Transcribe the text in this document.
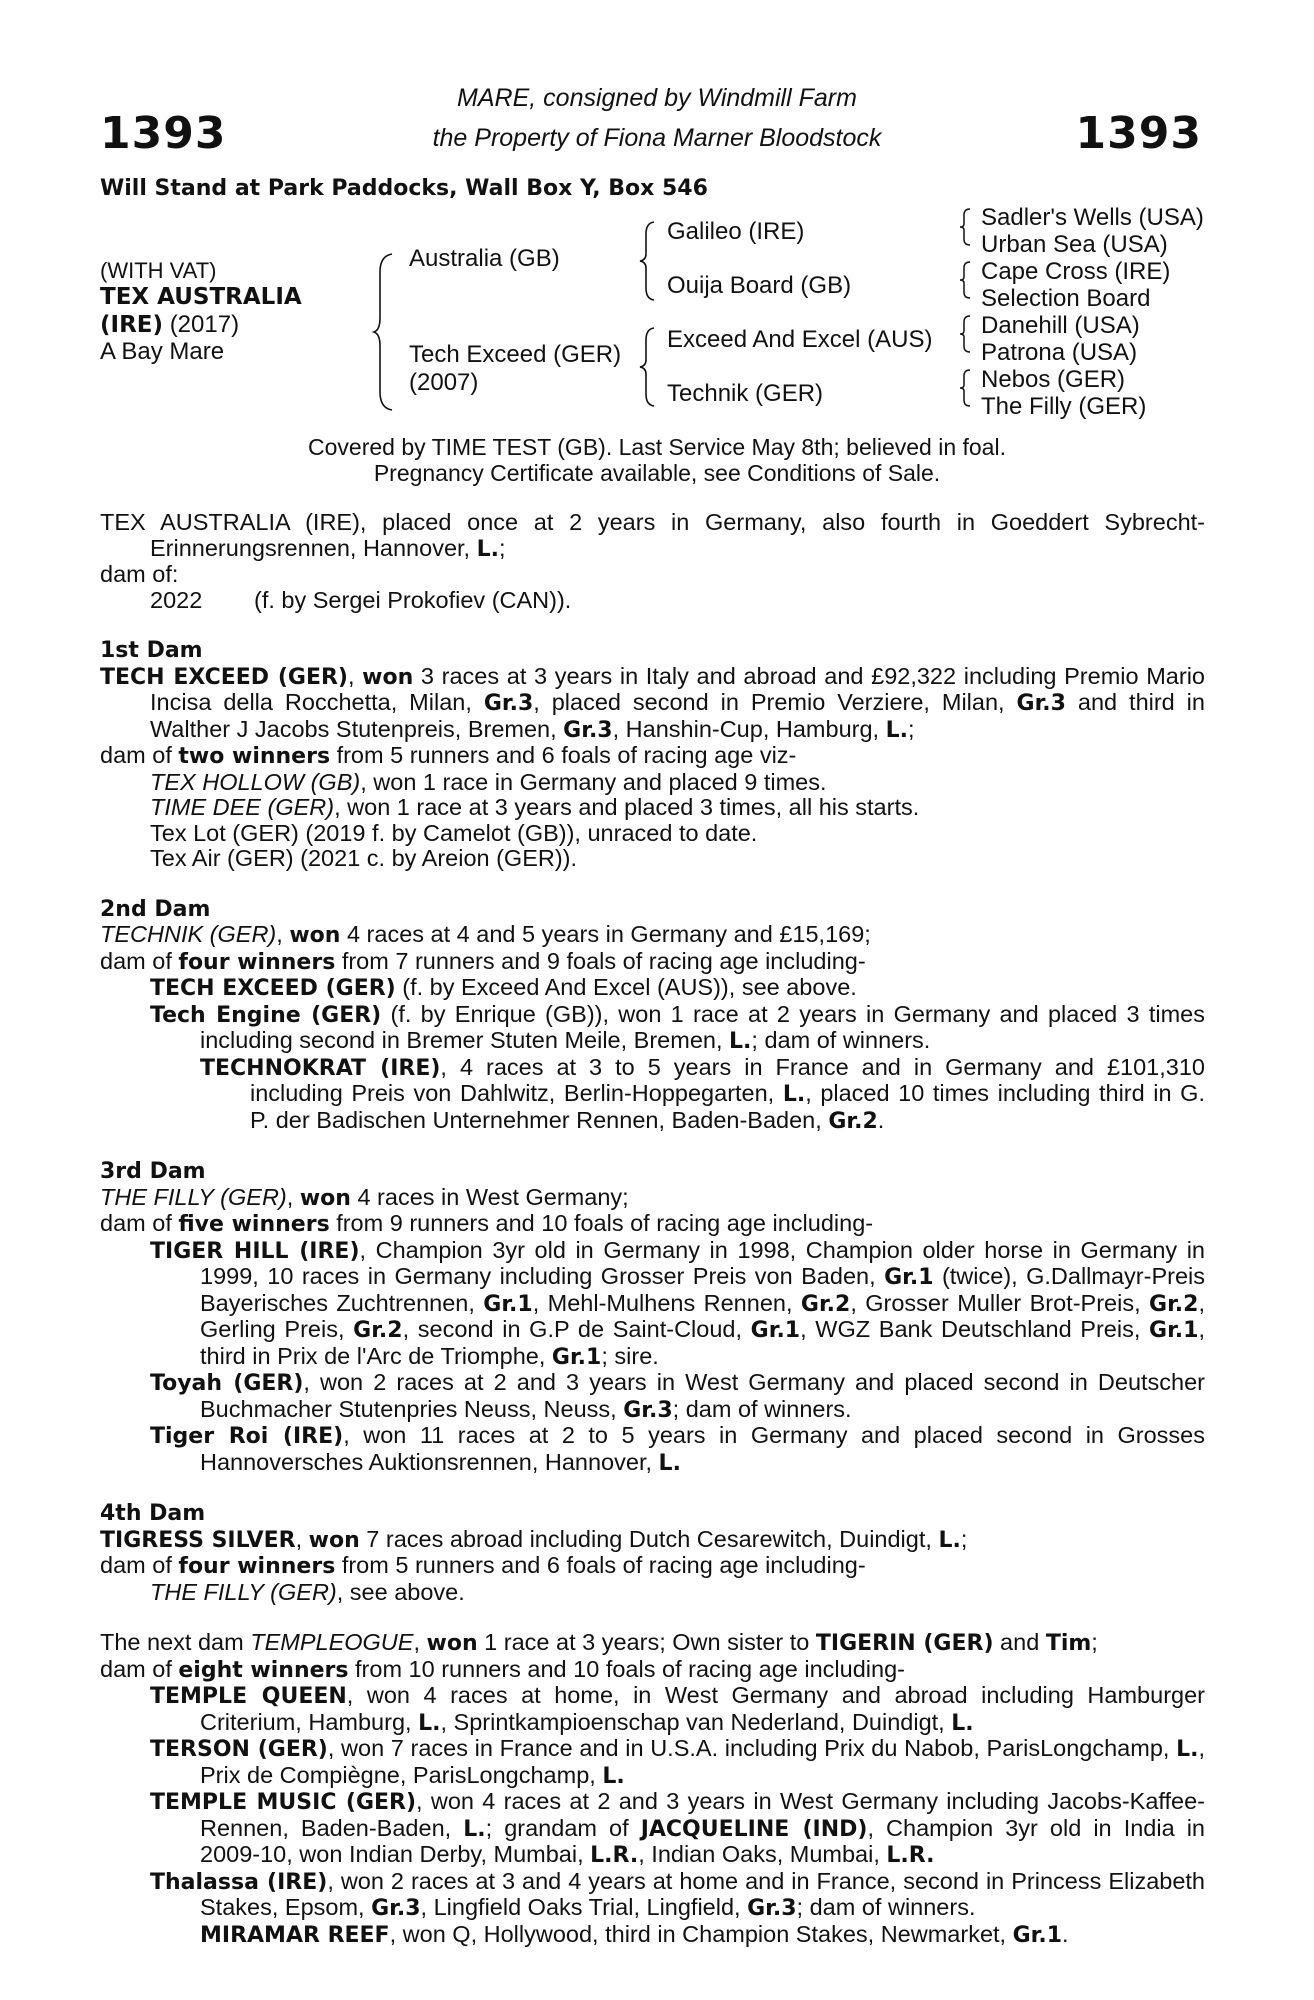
1393	1393
MARE, consigned by Windmill Farm
the Property of Fiona Marner Bloodstock
Will Stand at Park Paddocks, Wall Box Y, Box 546
(WITH VAT)
TEX AUSTRALIA
(IRE) (2017)
A Bay Mare
Australia (GB)
Tech Exceed (GER)
(2007)
Galileo (IRE)
Ouija Board (GB)
Exceed And Excel (AUS)
Technik (GER)
Sadler's Wells (USA)
Urban Sea (USA)
Cape Cross (IRE)
Selection Board
Danehill (USA)
Patrona (USA)
Nebos (GER)
The Filly (GER)
Covered by TIME TEST (GB). Last Service May 8th; believed in foal.
Pregnancy Certificate available, see Conditions of Sale.

TEX AUSTRALIA (IRE), placed once at 2 years in Germany, also fourth in Goeddert Sybrecht-Erinnerungsrennen, Hannover, L.;

dam of:

2022	(f. by Sergei Prokofiev (CAN)).

1st Dam

TECH EXCEED (GER), won 3 races at 3 years in Italy and abroad and £92,322 including Premio Mario Incisa della Rocchetta, Milan, Gr.3, placed second in Premio Verziere, Milan, Gr.3 and third in Walther J Jacobs Stutenpreis, Bremen, Gr.3, Hanshin-Cup, Hamburg, L.;

dam of two winners from 5 runners and 6 foals of racing age viz-

TEX HOLLOW (GB), won 1 race in Germany and placed 9 times.

TIME DEE (GER), won 1 race at 3 years and placed 3 times, all his starts.

Tex Lot (GER) (2019 f. by Camelot (GB)), unraced to date.

Tex Air (GER) (2021 c. by Areion (GER)).

2nd Dam

TECHNIK (GER), won 4 races at 4 and 5 years in Germany and £15,169;

dam of four winners from 7 runners and 9 foals of racing age including-

TECH EXCEED (GER) (f. by Exceed And Excel (AUS)), see above.

Tech Engine (GER) (f. by Enrique (GB)), won 1 race at 2 years in Germany and placed 3 times including second in Bremer Stuten Meile, Bremen, L.; dam of winners.

TECHNOKRAT (IRE), 4 races at 3 to 5 years in France and in Germany and £101,310 including Preis von Dahlwitz, Berlin-Hoppegarten, L., placed 10 times including third in G. P. der Badischen Unternehmer Rennen, Baden-Baden, Gr.2.

3rd Dam

THE FILLY (GER), won 4 races in West Germany;

dam of five winners from 9 runners and 10 foals of racing age including-

TIGER HILL (IRE), Champion 3yr old in Germany in 1998, Champion older horse in Germany in 1999, 10 races in Germany including Grosser Preis von Baden, Gr.1 (twice), G.Dallmayr-Preis Bayerisches Zuchtrennen, Gr.1, Mehl-Mulhens Rennen, Gr.2, Grosser Muller Brot-Preis, Gr.2, Gerling Preis, Gr.2, second in G.P de Saint-Cloud, Gr.1, WGZ Bank Deutschland Preis, Gr.1, third in Prix de l'Arc de Triomphe, Gr.1; sire.

Toyah (GER), won 2 races at 2 and 3 years in West Germany and placed second in Deutscher Buchmacher Stutenpries Neuss, Neuss, Gr.3; dam of winners.

Tiger Roi (IRE), won 11 races at 2 to 5 years in Germany and placed second in Grosses Hannoversches Auktionsrennen, Hannover, L.

4th Dam

TIGRESS SILVER, won 7 races abroad including Dutch Cesarewitch, Duindigt, L.;

dam of four winners from 5 runners and 6 foals of racing age including-

THE FILLY (GER), see above.

The next dam TEMPLEOGUE, won 1 race at 3 years; Own sister to TIGERIN (GER) and Tim;

dam of eight winners from 10 runners and 10 foals of racing age including-

TEMPLE QUEEN, won 4 races at home, in West Germany and abroad including Hamburger Criterium, Hamburg, L., Sprintkampioenschap van Nederland, Duindigt, L.

TERSON (GER), won 7 races in France and in U.S.A. including Prix du Nabob, ParisLongchamp, L., Prix de Compiègne, ParisLongchamp, L.

TEMPLE MUSIC (GER), won 4 races at 2 and 3 years in West Germany including Jacobs-Kaffee-Rennen, Baden-Baden, L.; grandam of JACQUELINE (IND), Champion 3yr old in India in 2009-10, won Indian Derby, Mumbai, L.R., Indian Oaks, Mumbai, L.R.

Thalassa (IRE), won 2 races at 3 and 4 years at home and in France, second in Princess Elizabeth Stakes, Epsom, Gr.3, Lingfield Oaks Trial, Lingfield, Gr.3; dam of winners.

MIRAMAR REEF, won Q, Hollywood, third in Champion Stakes, Newmarket, Gr.1.
